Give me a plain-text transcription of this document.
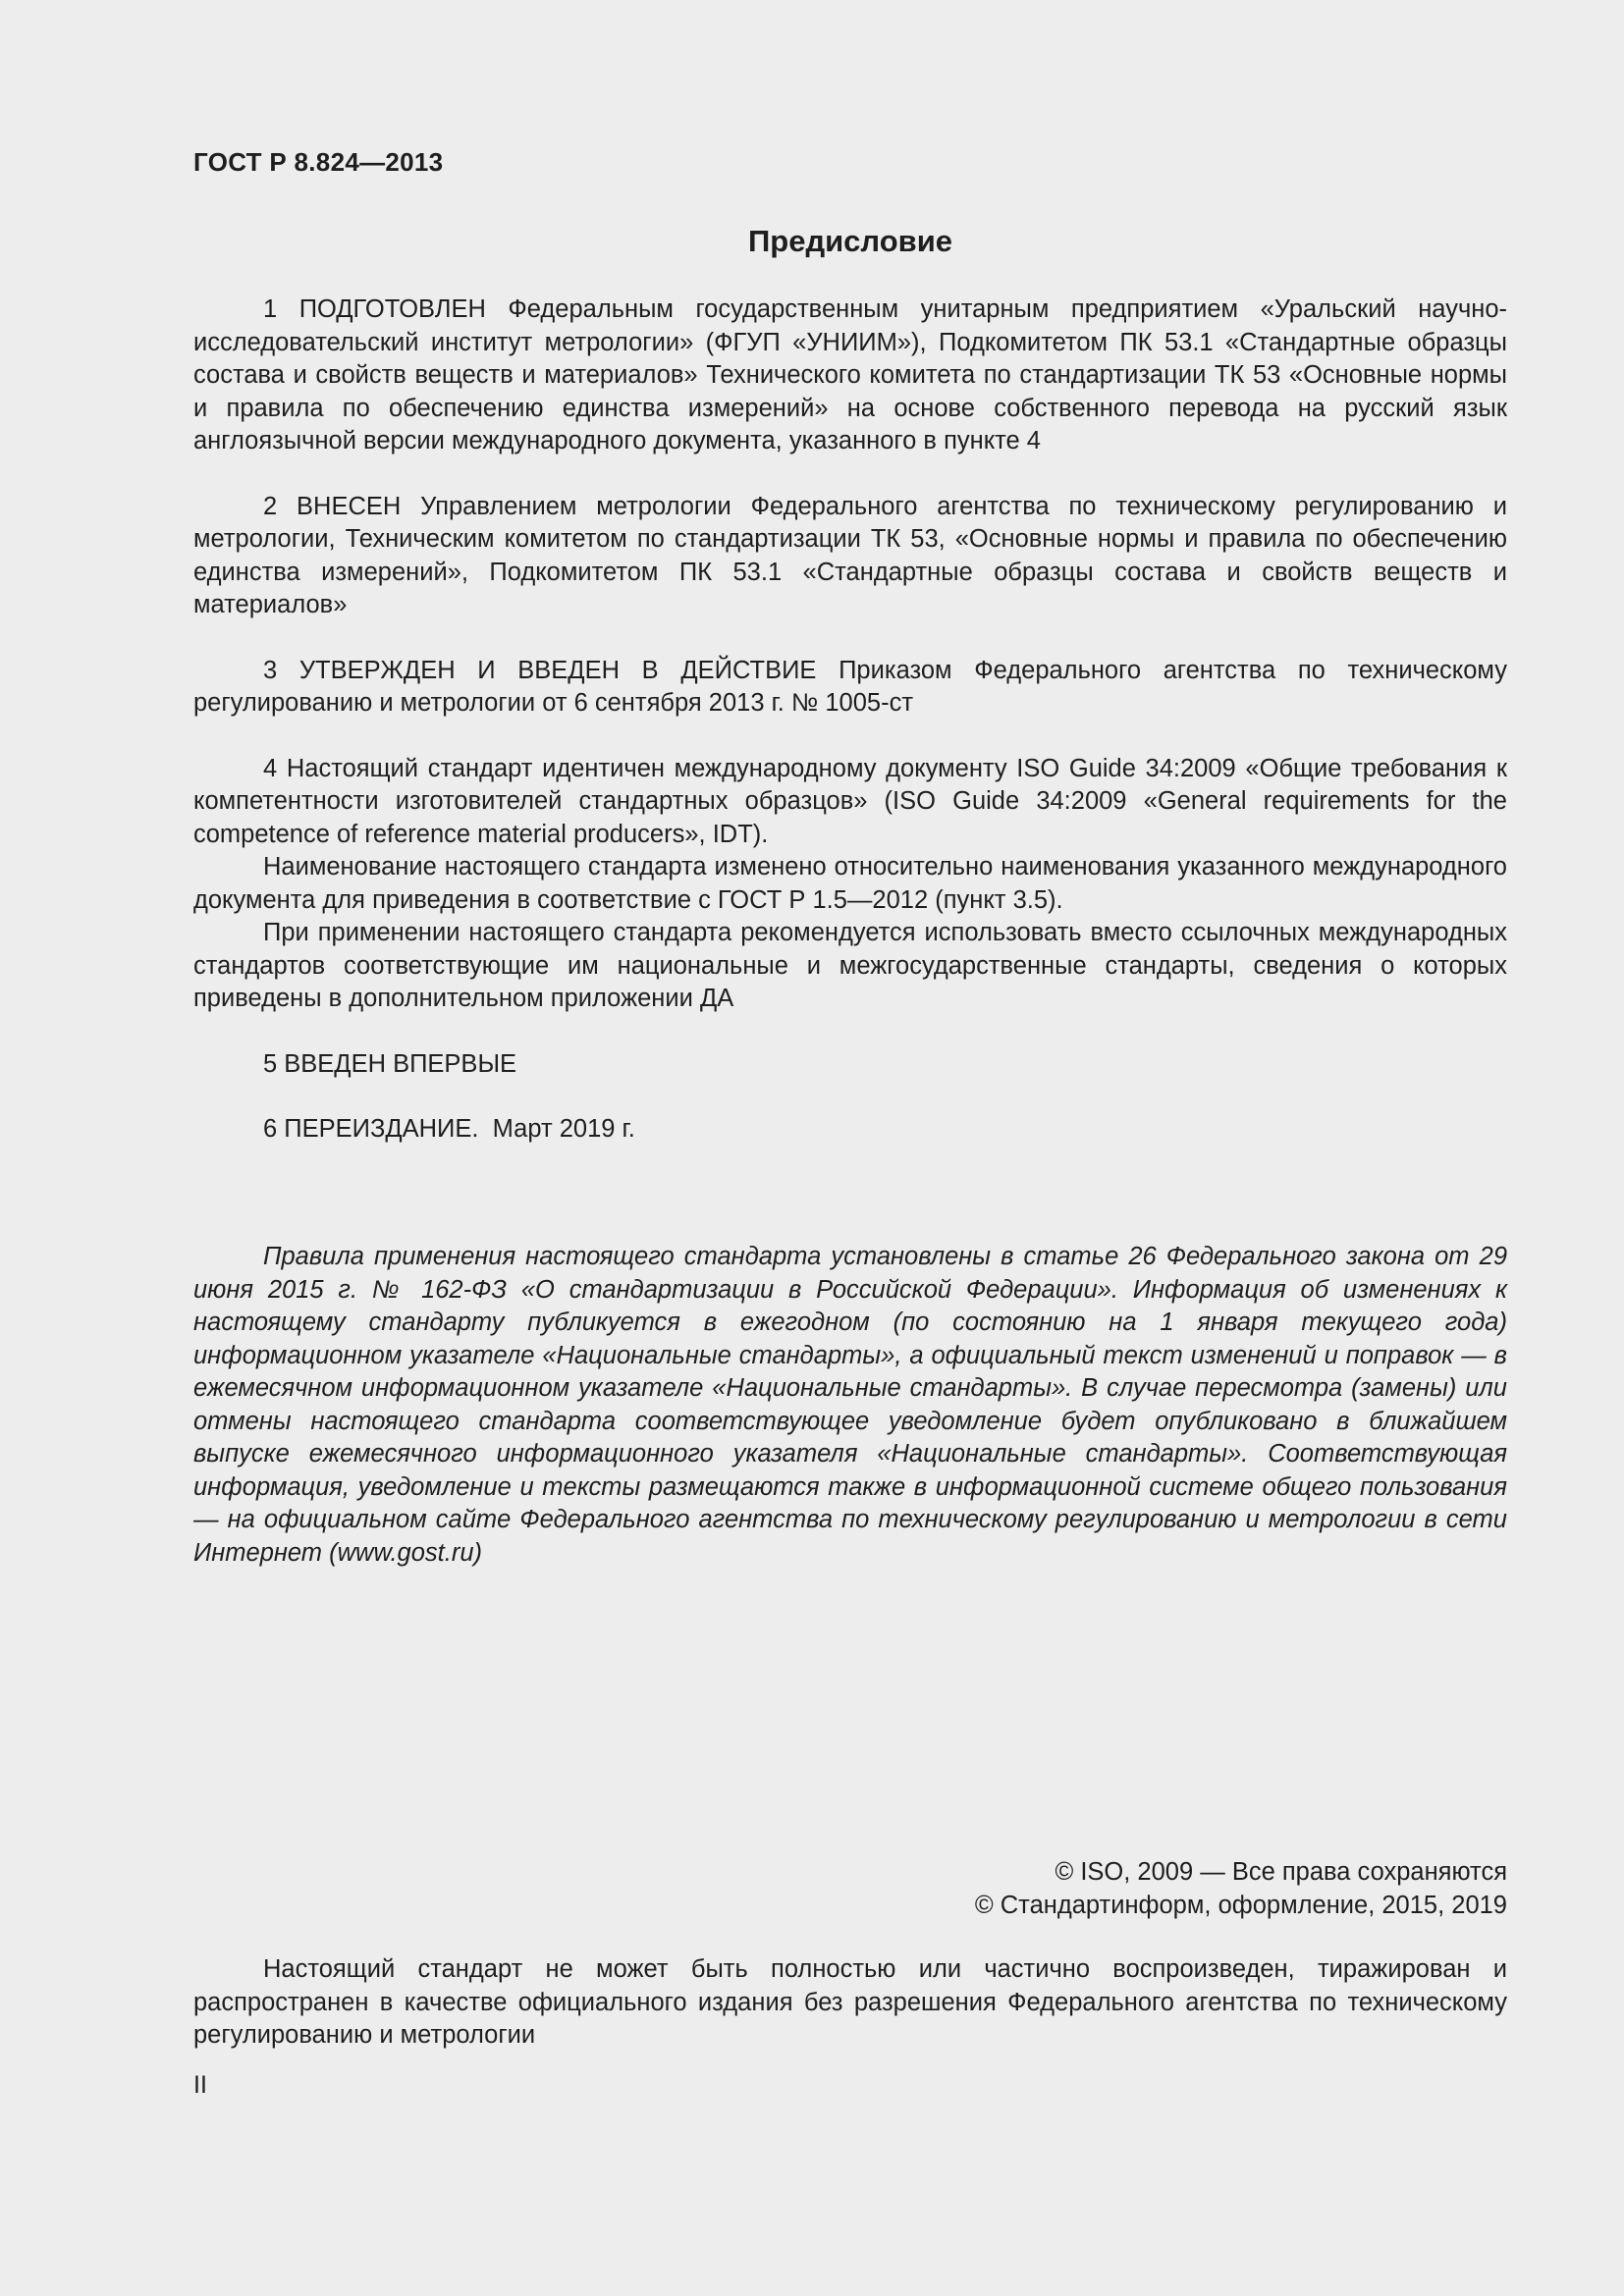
ГОСТ Р 8.824—2013
Предисловие

1 ПОДГОТОВЛЕН Федеральным государственным унитарным предприятием «Уральский научно-исследовательский институт метрологии» (ФГУП «УНИИМ»), Подкомитетом ПК 53.1 «Стандартные образцы состава и свойств веществ и материалов» Технического комитета по стандартизации ТК 53 «Основные нормы и правила по обеспечению единства измерений» на основе собственного перевода на русский язык англоязычной версии международного документа, указанного в пункте 4

2 ВНЕСЕН Управлением метрологии Федерального агентства по техническому регулированию и метрологии, Техническим комитетом по стандартизации ТК 53, «Основные нормы и правила по обеспечению единства измерений», Подкомитетом ПК 53.1 «Стандартные образцы состава и свойств веществ и материалов»

3 УТВЕРЖДЕН И ВВЕДЕН В ДЕЙСТВИЕ Приказом Федерального агентства по техническому регулированию и метрологии от 6 сентября 2013 г. № 1005-ст

4 Настоящий стандарт идентичен международному документу ISO Guide 34:2009 «Общие требования к компетентности изготовителей стандартных образцов» (ISO Guide 34:2009 «General requirements for the competence of reference material producers», IDT).

Наименование настоящего стандарта изменено относительно наименования указанного международного документа для приведения в соответствие с ГОСТ Р 1.5—2012 (пункт 3.5).

При применении настоящего стандарта рекомендуется использовать вместо ссылочных международных стандартов соответствующие им национальные и межгосударственные стандарты, сведения о которых приведены в дополнительном приложении ДА

5 ВВЕДЕН ВПЕРВЫЕ

6 ПЕРЕИЗДАНИЕ.  Март 2019 г.

Правила применения настоящего стандарта установлены в статье 26 Федерального закона от 29 июня 2015 г. № 162-ФЗ «О стандартизации в Российской Федерации». Информация об изменениях к настоящему стандарту публикуется в ежегодном (по состоянию на 1 января текущего года) информационном указателе «Национальные стандарты», а официальный текст изменений и поправок — в ежемесячном информационном указателе «Национальные стандарты». В случае пересмотра (замены) или отмены настоящего стандарта соответствующее уведомление будет опубликовано в ближайшем выпуске ежемесячного информационного указателя «Национальные стандарты». Соответствующая информация, уведомление и тексты размещаются также в информационной системе общего пользования — на официальном сайте Федерального агентства по техническому регулированию и метрологии в сети Интернет (www.gost.ru)

© ISO, 2009 — Все права сохраняются
© Стандартинформ, оформление, 2015, 2019

Настоящий стандарт не может быть полностью или частично воспроизведен, тиражирован и распространен в качестве официального издания без разрешения Федерального агентства по техническому регулированию и метрологии

II
